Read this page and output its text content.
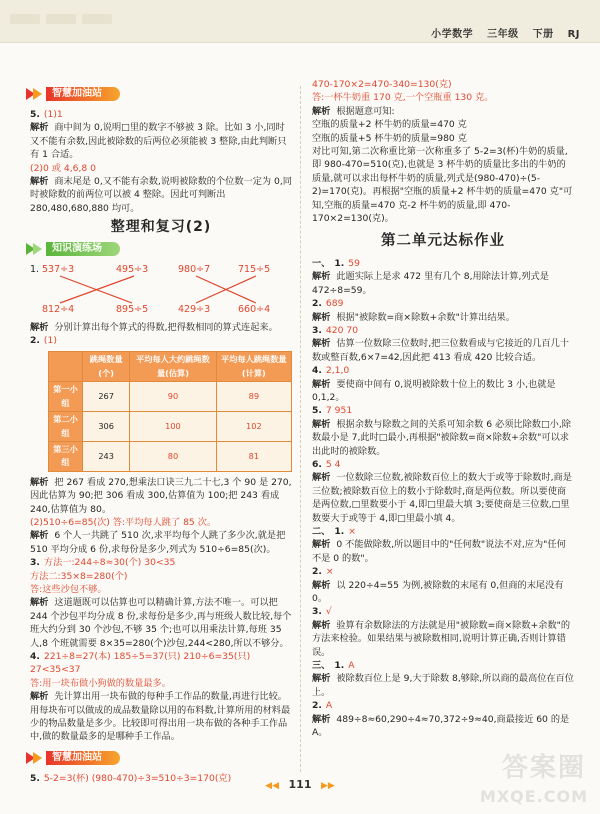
小学数学 三年级 下册 RJ
智慧加油站

5. (1)1

解析 商中间为 0,说明□里的数字不够被 3 除。比如 3 小,同时又不能有余数,因此被除数的后两位必须能被 3 整除,由此判断只有 1 合适。

(2)0 或 4,6,8 0

解析 商末尾是 0,又不能有余数,说明被除数的个位数一定为 0,同时被除数的前两位可以被 4 整除。因此可判断出 280,480,680,880 均可。

整理和复习(2)
知识演练场
1. 537÷3	495÷3	980÷7	715÷5
812÷4	895÷5	429÷3	660÷4

解析 分别计算出每个算式的得数,把得数相同的算式连起来。

2. (1)

	跳绳数量(个)	平均每人大约跳绳数量(估算)	平均每人跳绳数量(计算)
第一小组	267	90	89
第二小组	306	100	102
第三小组	243	80	81

解析 把 267 看成 270,想乘法口诀三九二十七,3 个 90 是 270,因此估算为 90;把 306 看成 300,估算值为 100;把 243 看成 240,估算值为 80。

(2)510÷6=85(次) 答:平均每人跳了 85 次。

解析 6 个人一共跳了 510 次,求平均每个人跳了多少次,就是把 510 平均分成 6 份,求每份是多少,列式为 510÷6=85(次)。

3. 方法一:244÷8≈30(个) 30<35

方法二:35×8=280(个)

答:这些沙包不够。

解析 这道题既可以估算也可以精确计算,方法不唯一。可以把 244 个沙包平均分成 8 份,求每份是多少,再与班级人数比较,每个班大约分到 30 个沙包,不够 35 个;也可以用乘法计算,每班 35 人,8 个班就需要 8×35=280(个)沙包,244<280,所以不够分。

4. 221÷8=27(本) 185÷5=37(只) 210÷6=35(只)

27<35<37

答:用一块布做小狗做的数量最多。

解析 先计算出用一块布做的每种手工作品的数量,再进行比较。用每块布可以做成的成品数量除以用的布料数,计算所用的材料最少的物品数量是多少。比较即可得出用一块布做的各种手工作品中,做的数量最多的是哪种手工作品。

智慧加油站

5. 5-2=3(杯) (980-470)÷3=510÷3=170(克)

470-170×2=470-340=130(克)

答:一杯牛奶重 170 克,一个空瓶重 130 克。

解析 根据题意可知:

空瓶的质量+2 杯牛奶的质量=470 克

空瓶的质量+5 杯牛奶的质量=980 克

对比可知,第二次称重比第一次称重多了 5-2=3(杯)牛奶的质量,即 980-470=510(克),也就是 3 杯牛奶的质量比多出的牛奶的质量,就可以求出每杯牛奶的质量,列式是(980-470)÷(5-2)=170(克)。再根据"空瓶的质量+2 杯牛奶的质量=470 克"可知,空瓶的质量=470 克-2 杯牛奶的质量,即 470-170×2=130(克)。

第二单元达标作业

一、 1. 59

解析 此题实际上是求 472 里有几个 8,用除法计算,列式是 472÷8=59。

2. 689

解析 根据"被除数=商×除数+余数"计算出结果。

3. 420 70

解析 估算一位数除三位数时,把三位数看成与它接近的几百几十数或整百数,6×7=42,因此把 413 看成 420 比较合适。

4. 2,1,0

解析 要使商中间有 0,说明被除数十位上的数比 3 小,也就是 0,1,2。

5. 7 951

解析 根据余数与除数之间的关系可知余数 6 必须比除数□小,除数最小是 7,此时□最小,再根据"被除数=商×除数+余数"可以求出此时的被除数。

6. 5 4

解析 一位数除三位数,被除数百位上的数大于或等于除数时,商是三位数;被除数百位上的数小于除数时,商是两位数。所以要使商是两位数,□里数要小于 4,即□里最大填 3;要使商是三位数,□里数要大于或等于 4,即□里最小填 4。

二、 1. ×

解析 0 不能做除数,所以题目中的"任何数"说法不对,应为"任何不是 0 的数"。

2. ×

解析 以 220÷4=55 为例,被除数的末尾有 0,但商的末尾没有 0。

3. √

解析 验算有余数除法的方法就是用"被除数=商×除数+余数"的方法来检验。如果结果与被除数相同,说明计算正确,否则计算错误。

三、 1. A

解析 被除数百位上是 9,大于除数 8,够除,所以商的最高位在百位上。

2. A

解析 489÷8≈60,290÷4≈70,372÷9≈40,商最接近 60 的是 A。

◀◀ 111 ▶▶
答案圈
MXQE.COM
